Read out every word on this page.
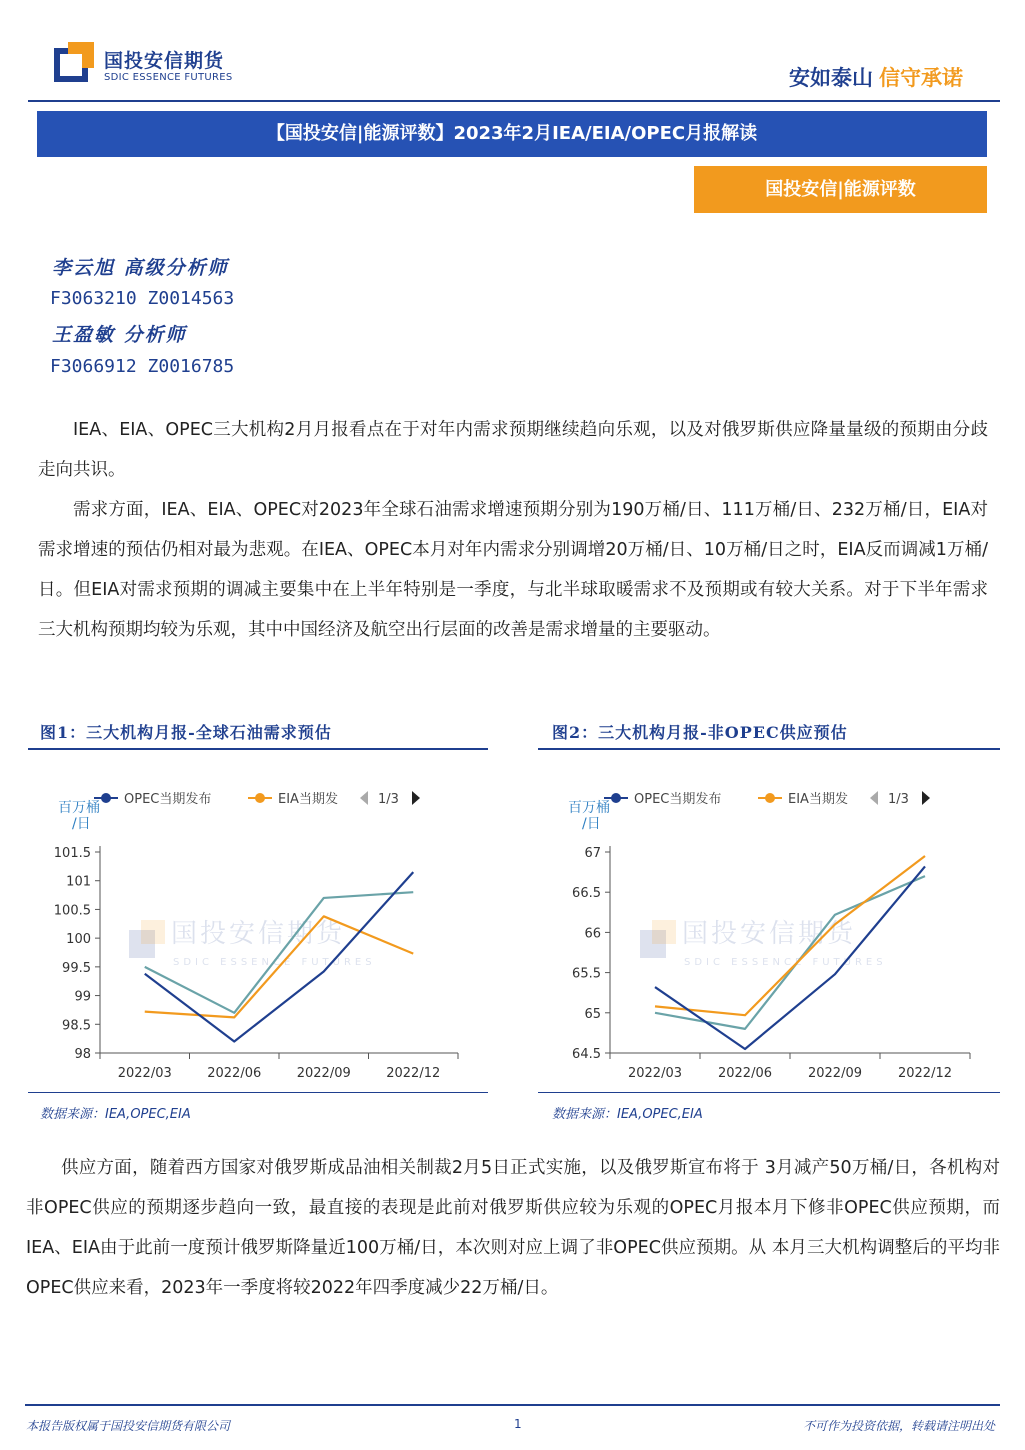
国投安信期货
SDIC ESSENCE FUTURES	安如泰山 信守承诺
【国投安信|能源评数】2023年2月IEA/EIA/OPEC月报解读
国投安信|能源评数
李云旭 高级分析师
F3063210 Z0014563
王盈敏 分析师
F3066912 Z0016785
IEA、EIA、OPEC三大机构2月月报看点在于对年内需求预期继续趋向乐观，以及对俄罗斯供应降量量级的预期由分歧走向共识。
需求方面，IEA、EIA、OPEC对2023年全球石油需求增速预期分别为190万桶/日、111万桶/日、232万桶/日，EIA对需求增速的预估仍相对最为悲观。在IEA、OPEC本月对年内需求分别调增20万桶/日、10万桶/日之时，EIA反而调减1万桶/日。但EIA对需求预期的调减主要集中在上半年特别是一季度，与北半球取暖需求不及预期或有较大关系。对于下半年需求三大机构预期均较为乐观，其中中国经济及航空出行层面的改善是需求增量的主要驱动。
图1：三大机构月报-全球石油需求预估
国投安信期货
SDIC ESSENCE FUTURES
百万桶
/日
OPEC当期发布	EIA当期发	1/3
98
98.5
99
99.5
100
100.5
101
101.5
2022/03	2022/06	2022/09	2022/12
数据来源：IEA,OPEC,EIA
图2：三大机构月报-非OPEC供应预估
国投安信期货
SDIC ESSENCE FUTURES
百万桶
/日
OPEC当期发布	EIA当期发	1/3
64.5
65
65.5
66
66.5
67
2022/03	2022/06	2022/09	2022/12
数据来源：IEA,OPEC,EIA
供应方面，随着西方国家对俄罗斯成品油相关制裁2月5日正式实施，以及俄罗斯宣布将于 3月减产50万桶/日，各机构对非OPEC供应的预期逐步趋向一致，最直接的表现是此前对俄罗斯供应较为乐观的OPEC月报本月下修非OPEC供应预期，而IEA、EIA由于此前一度预计俄罗斯降量近100万桶/日，本次则对应上调了非OPEC供应预期。从 本月三大机构调整后的平均非OPEC供应来看，2023年一季度将较2022年四季度减少22万桶/日。
本报告版权属于国投安信期货有限公司	1	不可作为投资依据，转载请注明出处
